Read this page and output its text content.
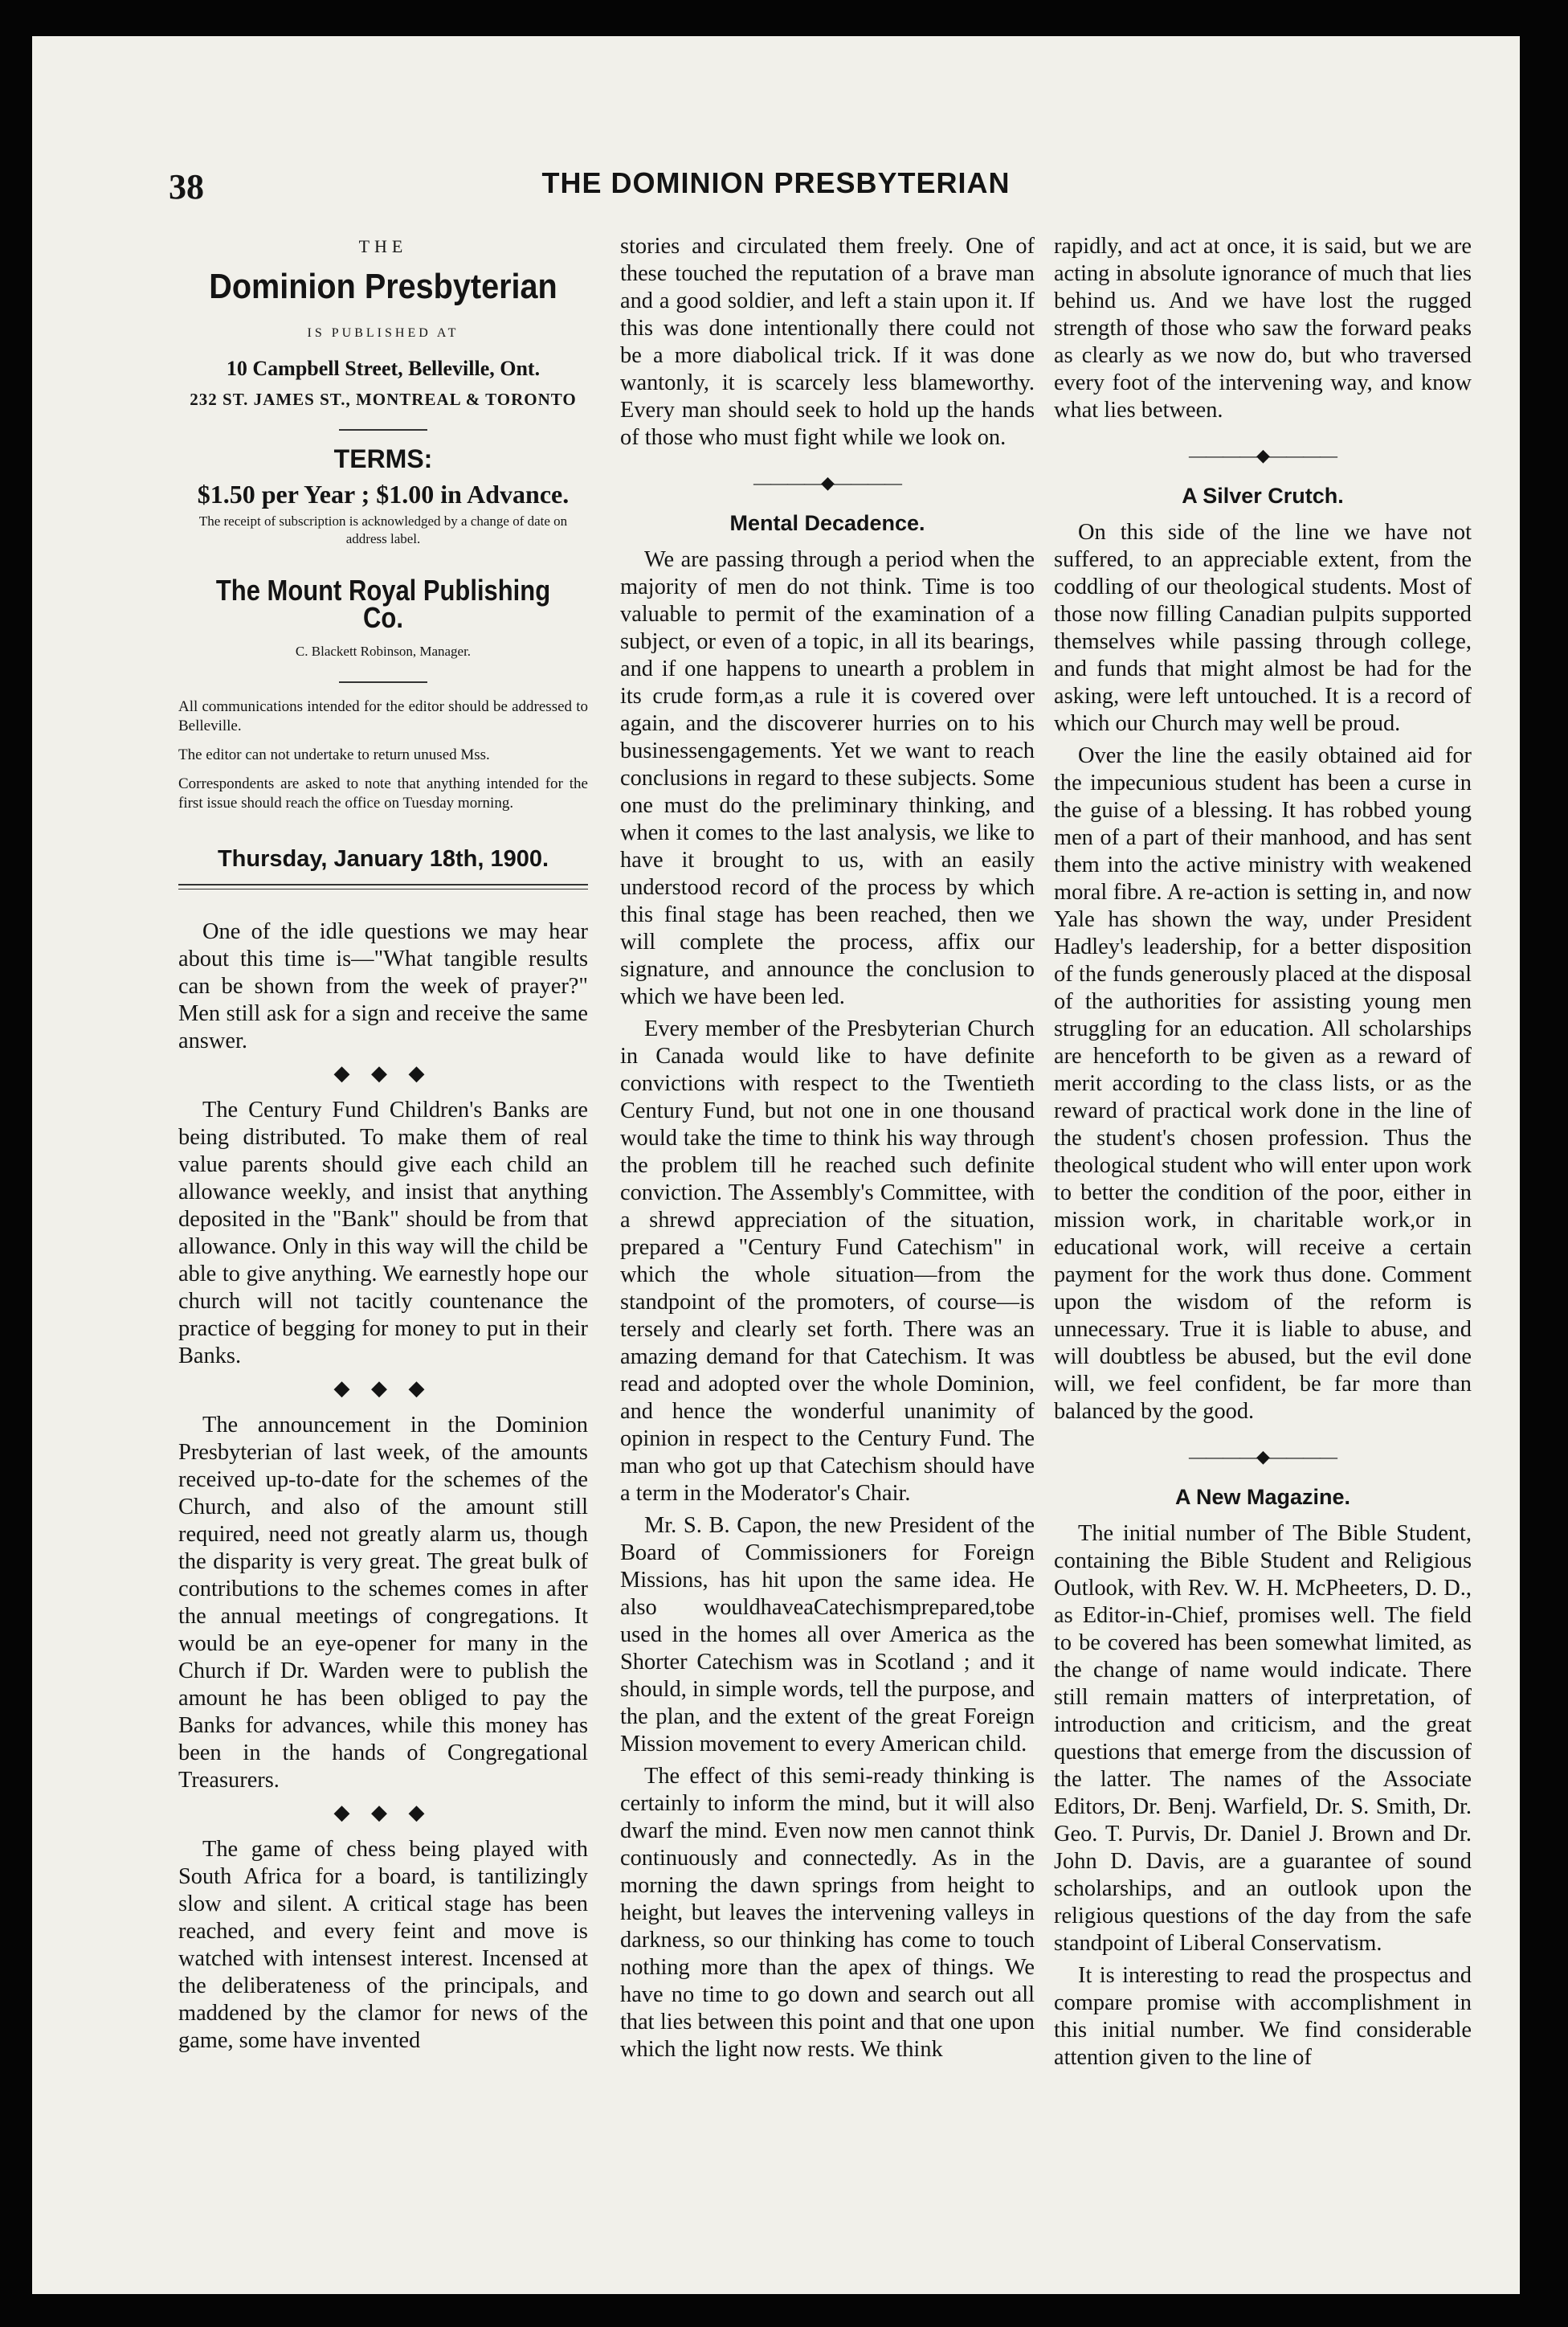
38	THE DOMINION PRESBYTERIAN
THE
Dominion Presbyterian
IS PUBLISHED AT
10 Campbell Street, Belleville, Ont.
232 ST. JAMES ST., MONTREAL & TORONTO
TERMS:
$1.50 per Year ; $1.00 in Advance.
The receipt of subscription is acknowledged by a change of date on address label.
The Mount Royal Publishing Co.
C. Blackett Robinson, Manager.

All communications intended for the editor should be addressed to Belleville.

The editor can not undertake to return unused Mss.

Correspondents are asked to note that anything intended for the first issue should reach the office on Tuesday morning.

Thursday, January 18th, 1900.

One of the idle questions we may hear about this time is—"What tangible results can be shown from the week of prayer?" Men still ask for a sign and receive the same answer.

◆ ◆ ◆

The Century Fund Children's Banks are being distributed. To make them of real value parents should give each child an allowance weekly, and insist that anything deposited in the "Bank" should be from that allowance. Only in this way will the child be able to give anything. We earnestly hope our church will not tacitly countenance the practice of begging for money to put in their Banks.

◆ ◆ ◆

The announcement in the Dominion Presbyterian of last week, of the amounts received up-to-date for the schemes of the Church, and also of the amount still required, need not greatly alarm us, though the disparity is very great. The great bulk of contributions to the schemes comes in after the annual meetings of congregations. It would be an eye-opener for many in the Church if Dr. Warden were to publish the amount he has been obliged to pay the Banks for advances, while this money has been in the hands of Congregational Treasurers.

◆ ◆ ◆

The game of chess being played with South Africa for a board, is tantilizingly slow and silent. A critical stage has been reached, and every feint and move is watched with intensest interest. Incensed at the deliberateness of the principals, and maddened by the clamor for news of the game, some have invented

stories and circulated them freely. One of these touched the reputation of a brave man and a good soldier, and left a stain upon it. If this was done intentionally there could not be a more diabolical trick. If it was done wantonly, it is scarcely less blameworthy. Every man should seek to hold up the hands of those who must fight while we look on.

————◆————
Mental Decadence.

We are passing through a period when the majority of men do not think. Time is too valuable to permit of the examination of a subject, or even of a topic, in all its bearings, and if one happens to unearth a problem in its crude form,as a rule it is covered over again, and the discoverer hurries on to his businessengagements. Yet we want to reach conclusions in regard to these subjects. Some one must do the preliminary thinking, and when it comes to the last analysis, we like to have it brought to us, with an easily understood record of the process by which this final stage has been reached, then we will complete the process, affix our signature, and announce the conclusion to which we have been led.

Every member of the Presbyterian Church in Canada would like to have definite convictions with respect to the Twentieth Century Fund, but not one in one thousand would take the time to think his way through the problem till he reached such definite conviction. The Assembly's Committee, with a shrewd appreciation of the situation, prepared a "Century Fund Catechism" in which the whole situation—from the standpoint of the promoters, of course—is tersely and clearly set forth. There was an amazing demand for that Catechism. It was read and adopted over the whole Dominion, and hence the wonderful unanimity of opinion in respect to the Century Fund. The man who got up that Catechism should have a term in the Moderator's Chair.

Mr. S. B. Capon, the new President of the Board of Commissioners for Foreign Missions, has hit upon the same idea. He also wouldhaveaCatechismprepared,tobe used in the homes all over America as the Shorter Catechism was in Scotland ; and it should, in simple words, tell the purpose, and the plan, and the extent of the great Foreign Mission movement to every American child.

The effect of this semi-ready thinking is certainly to inform the mind, but it will also dwarf the mind. Even now men cannot think continuously and connectedly. As in the morning the dawn springs from height to height, but leaves the intervening valleys in darkness, so our thinking has come to touch nothing more than the apex of things. We have no time to go down and search out all that lies between this point and that one upon which the light now rests. We think

rapidly, and act at once, it is said, but we are acting in absolute ignorance of much that lies behind us. And we have lost the rugged strength of those who saw the forward peaks as clearly as we now do, but who traversed every foot of the intervening way, and know what lies between.

————◆————
A Silver Crutch.

On this side of the line we have not suffered, to an appreciable extent, from the coddling of our theological students. Most of those now filling Canadian pulpits supported themselves while passing through college, and funds that might almost be had for the asking, were left untouched. It is a record of which our Church may well be proud.

Over the line the easily obtained aid for the impecunious student has been a curse in the guise of a blessing. It has robbed young men of a part of their manhood, and has sent them into the active ministry with weakened moral fibre. A re-action is setting in, and now Yale has shown the way, under President Hadley's leadership, for a better disposition of the funds generously placed at the disposal of the authorities for assisting young men struggling for an education. All scholarships are henceforth to be given as a reward of merit according to the class lists, or as the reward of practical work done in the line of the student's chosen profession. Thus the theological student who will enter upon work to better the condition of the poor, either in mission work, in charitable work,or in educational work, will receive a certain payment for the work thus done. Comment upon the wisdom of the reform is unnecessary. True it is liable to abuse, and will doubtless be abused, but the evil done will, we feel confident, be far more than balanced by the good.

————◆————
A New Magazine.

The initial number of The Bible Student, containing the Bible Student and Religious Outlook, with Rev. W. H. McPheeters, D. D., as Editor-in-Chief, promises well. The field to be covered has been somewhat limited, as the change of name would indicate. There still remain matters of interpretation, of introduction and criticism, and the great questions that emerge from the discussion of the latter. The names of the Associate Editors, Dr. Benj. Warfield, Dr. S. Smith, Dr. Geo. T. Purvis, Dr. Daniel J. Brown and Dr. John D. Davis, are a guarantee of sound scholarships, and an outlook upon the religious questions of the day from the safe standpoint of Liberal Conservatism.

It is interesting to read the prospectus and compare promise with accomplishment in this initial number. We find considerable attention given to the line of
